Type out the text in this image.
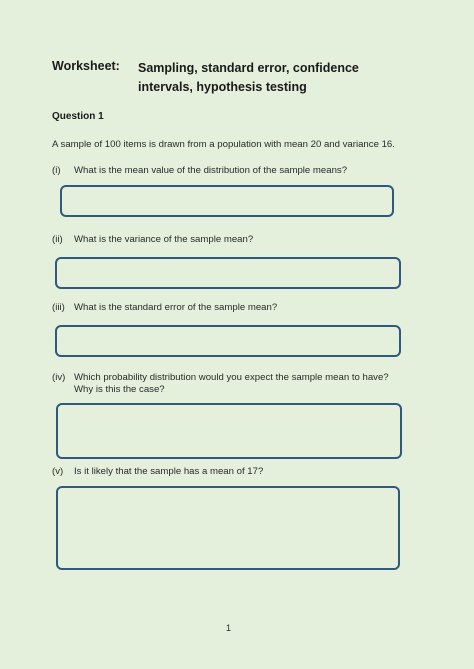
Worksheet: Sampling, standard error, confidence intervals, hypothesis testing
Question 1
A sample of 100 items is drawn from a population with mean 20 and variance 16.
(i) What is the mean value of the distribution of the sample means?
(ii) What is the variance of the sample mean?
(iii) What is the standard error of the sample mean?
(iv) Which probability distribution would you expect the sample mean to have? Why is this the case?
(v) Is it likely that the sample has a mean of 17?
1
